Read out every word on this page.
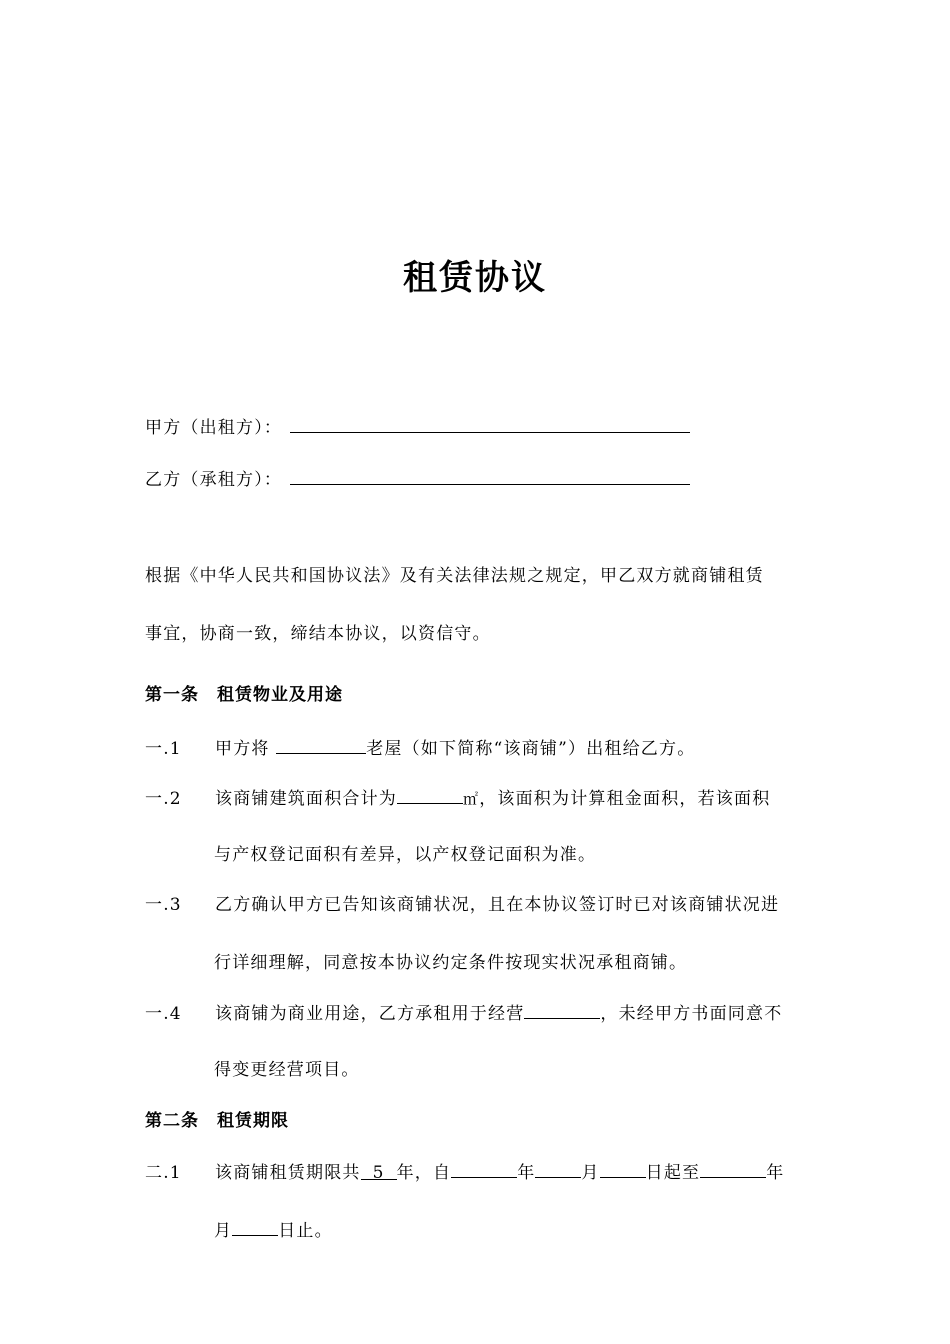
租赁协议
甲方（出租方）：
乙方（承租方）：
根据《中华人民共和国协议法》及有关法律法规之规定，甲乙双方就商铺租赁
事宜，协商一致，缔结本协议，以资信守。
第一条　租赁物业及用途
一.1 甲方将	老屋（如下简称“该商铺”）出租给乙方。
一.2 该商铺建筑面积合计为	㎡，该面积为计算租金面积，若该面积
与产权登记面积有差异，以产权登记面积为准。
一.3 乙方确认甲方已告知该商铺状况，且在本协议签订时已对该商铺状况进
行详细理解，同意按本协议约定条件按现实状况承租商铺。
一.4 该商铺为商业用途，乙方承租用于经营	，未经甲方书面同意不
得变更经营项目。
第二条　租赁期限
二.1 该商铺租赁期限共 5 年，自	年	月	日起至	年
月	日止。
